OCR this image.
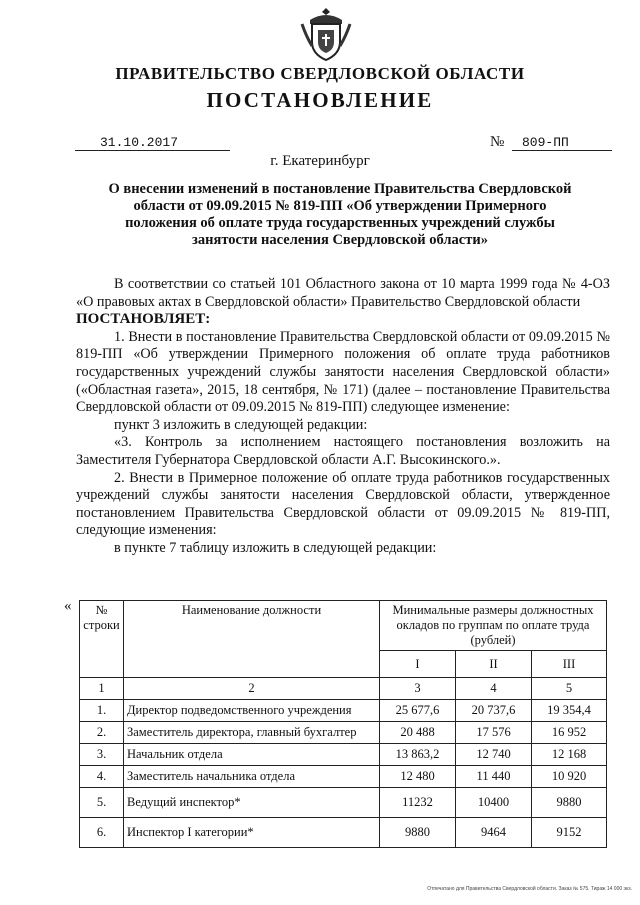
ПРАВИТЕЛЬСТВО СВЕРДЛОВСКОЙ ОБЛАСТИ
ПОСТАНОВЛЕНИЕ
31.10.2017	№	809-ПП
г. Екатеринбург
О внесении изменений в постановление Правительства Свердловской области от 09.09.2015 № 819-ПП «Об утверждении Примерного положения об оплате труда государственных учреждений службы занятости населения Свердловской области»

В соответствии со статьей 101 Областного закона от 10 марта 1999 года № 4-ОЗ «О правовых актах в Свердловской области» Правительство Свердловской области

ПОСТАНОВЛЯЕТ:

1. Внести в постановление Правительства Свердловской области от 09.09.2015 № 819-ПП «Об утверждении Примерного положения об оплате труда работников государственных учреждений службы занятости населения Свердловской области» («Областная газета», 2015, 18 сентября, № 171) (далее – постановление Правительства Свердловской области от 09.09.2015 № 819-ПП) следующее изменение:

пункт 3 изложить в следующей редакции:

«3. Контроль за исполнением настоящего постановления возложить на Заместителя Губернатора Свердловской области А.Г. Высокинского.».

2. Внести в Примерное положение об оплате труда работников государственных учреждений службы занятости населения Свердловской области, утвержденное постановлением Правительства Свердловской области от 09.09.2015 № 819-ПП, следующие изменения:

в пункте 7 таблицу изложить в следующей редакции:

« № строки	Наименование должности	Минимальные размеры должностных окладов по группам по оплате труда (рублей)		
		I	II	III
1	2	3	4	5
1.	Директор подведомственного учреждения	25 677,6	20 737,6	19 354,4
2.	Заместитель директора, главный бухгалтер	20 488	17 576	16 952
3.	Начальник отдела	13 863,2	12 740	12 168
4.	Заместитель начальника отдела	12 480	11 440	10 920
5.	Ведущий инспектор*	11232	10400	9880
6.	Инспектор I категории*	9880	9464	9152
Отпечатано для Правительства Свердловской области. Заказ № 575. Тираж 14 000 экз.
